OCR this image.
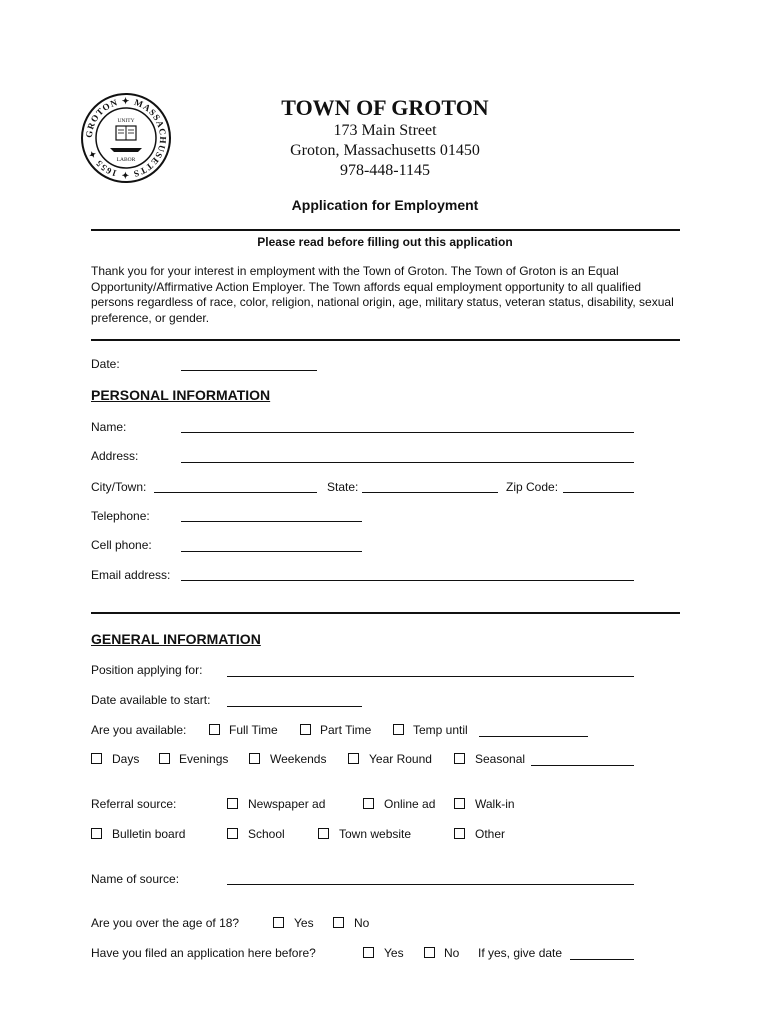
GROTON ✦ MASSACHUSETTS ✦ 1655 ✦
UNITY
LABOR
TOWN OF GROTON
173 Main Street
Groton, Massachusetts 01450
978-448-1145
Application for Employment
Please read before filling out this application
Thank you for your interest in employment with the Town of Groton. The Town of Groton is an Equal Opportunity/Affirmative Action Employer. The Town affords equal employment opportunity to all qualified persons regardless of race, color, religion, national origin, age, military status, veteran status, disability, sexual preference, or gender.
Date:
PERSONAL INFORMATION
Name:
Address:
City/Town:	State:	Zip Code:
Telephone:
Cell phone:
Email address:
GENERAL INFORMATION
Position applying for:
Date available to start:
Are you available:	Full Time	Part Time	Temp until
Days	Evenings	Weekends	Year Round	Seasonal
Referral source:	Newspaper ad	Online ad	Walk-in
Bulletin board	School	Town website	Other
Name of source:
Are you over the age of 18?	Yes	No
Have you filed an application here before?	Yes	No If yes, give date
